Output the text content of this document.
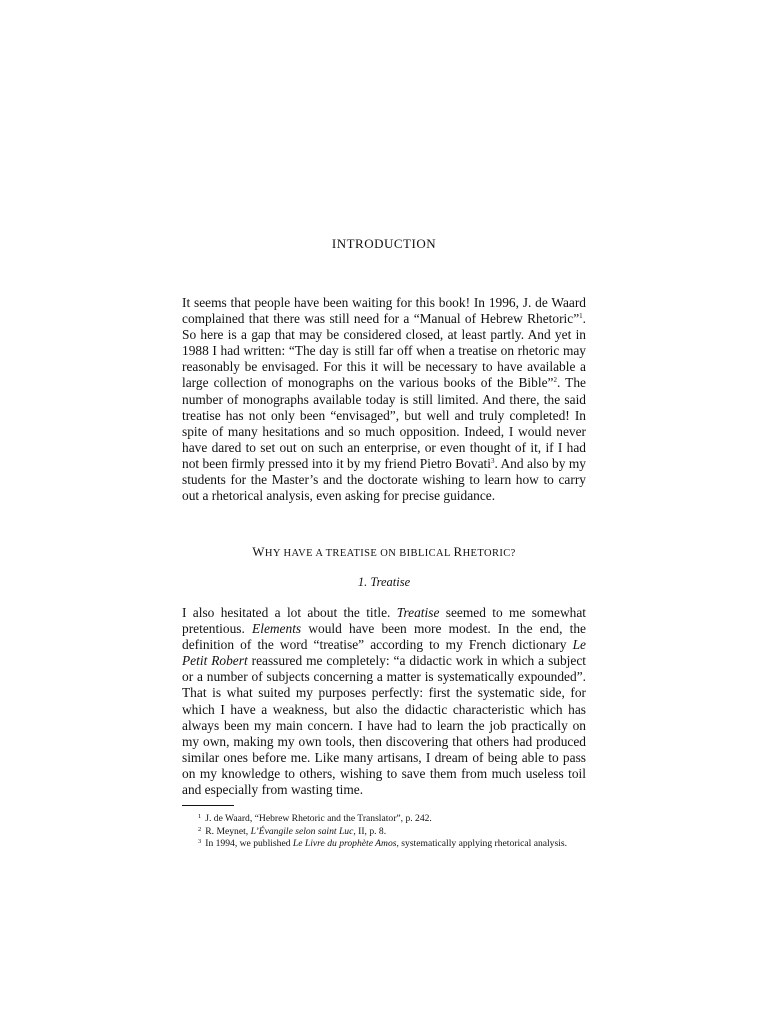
INTRODUCTION

It seems that people have been waiting for this book! In 1996, J. de Waard complained that there was still need for a “Manual of Hebrew Rhetoric”$^1$. So here is a gap that may be considered closed, at least partly. And yet in 1988 I had written: “The day is still far off when a treatise on rhetoric may reasonably be envisaged. For this it will be necessary to have available a large collection of monographs on the various books of the Bible”$^2$. The number of monographs available today is still limited. And there, the said treatise has not only been “envisaged”, but well and truly completed! In spite of many hesitations and so much opposition. Indeed, I would never have dared to set out on such an enterprise, or even thought of it, if I had not been firmly pressed into it by my friend Pietro Bovati$^3$. And also by my students for the Master’s and the doctorate wishing to learn how to carry out a rhetorical analysis, even asking for precise guidance.

WHY HAVE A TREATISE ON BIBLICAL RHETORIC?
1. Treatise

I also hesitated a lot about the title. Treatise seemed to me somewhat pretentious. Elements would have been more modest. In the end, the definition of the word “treatise” according to my French dictionary Le Petit Robert reassured me completely: “a didactic work in which a subject or a number of subjects concerning a matter is systematically expounded”. That is what suited my purposes perfectly: first the systematic side, for which I have a weakness, but also the didactic characteristic which has always been my main concern. I have had to learn the job practically on my own, making my own tools, then discovering that others had produced similar ones before me. Like many artisans, I dream of being able to pass on my knowledge to others, wishing to save them from much useless toil and especially from wasting time.

$^1$ J. de Waard, “Hebrew Rhetoric and the Translator”, p. 242.

$^2$ R. Meynet, L’Évangile selon saint Luc, II, p. 8.

$^3$ In 1994, we published Le Livre du prophète Amos, systematically applying rhetorical analysis.
